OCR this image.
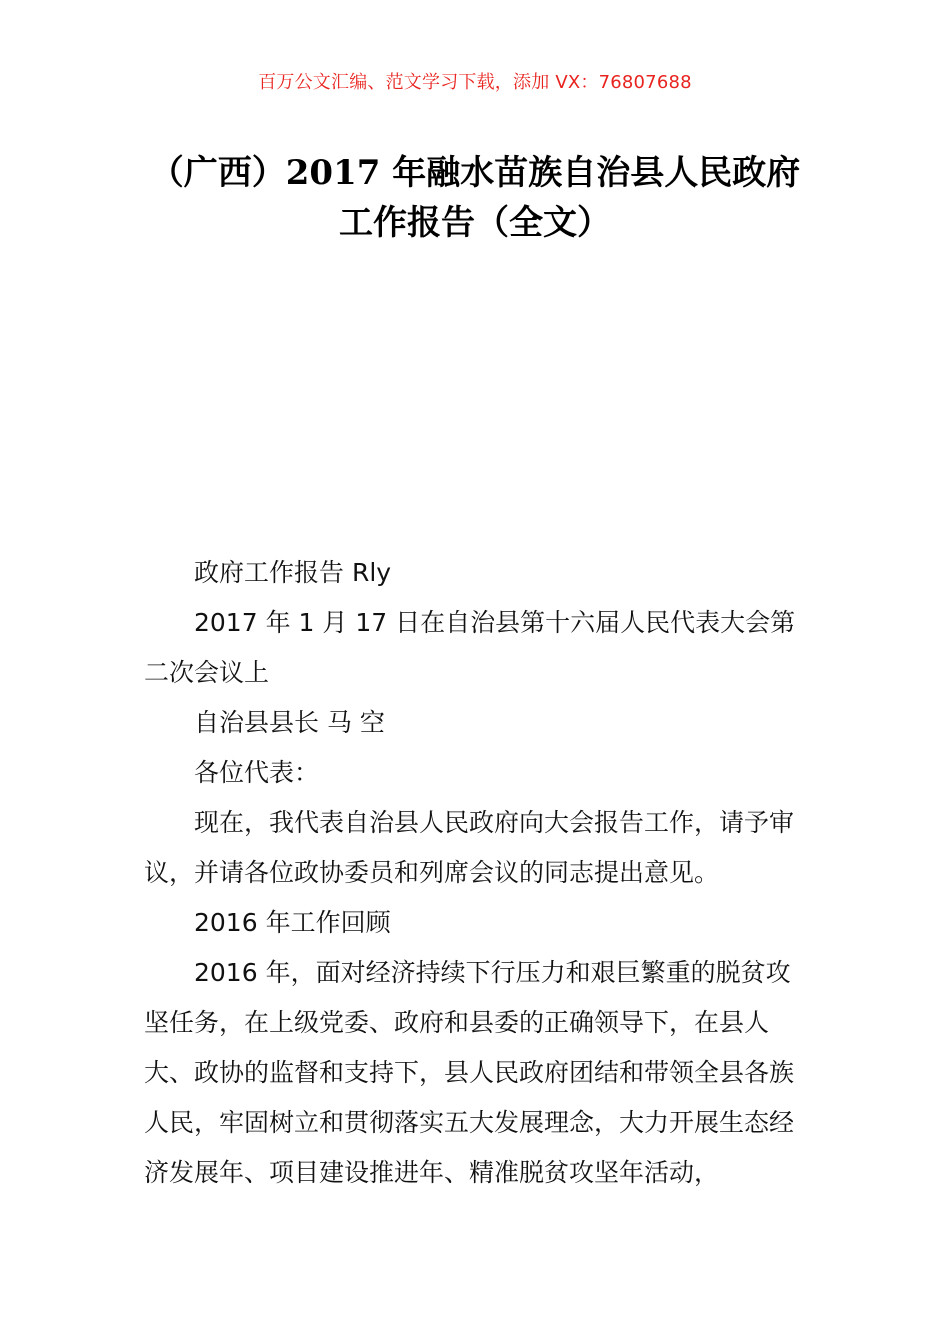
百万公文汇编、范文学习下载，添加 VX：76807688
（广西）2017 年融水苗族自治县人民政府
工作报告（全文）

政府工作报告 Rly

2017 年 1 月 17 日在自治县第十六届人民代表大会第二次会议上

自治县县长 马 空

各位代表：

现在，我代表自治县人民政府向大会报告工作，请予审议，并请各位政协委员和列席会议的同志提出意见。

2016 年工作回顾

2016 年，面对经济持续下行压力和艰巨繁重的脱贫攻坚任务，在上级党委、政府和县委的正确领导下，在县人大、政协的监督和支持下，县人民政府团结和带领全县各族人民，牢固树立和贯彻落实五大发展理念，大力开展生态经济发展年、项目建设推进年、精准脱贫攻坚年活动，
